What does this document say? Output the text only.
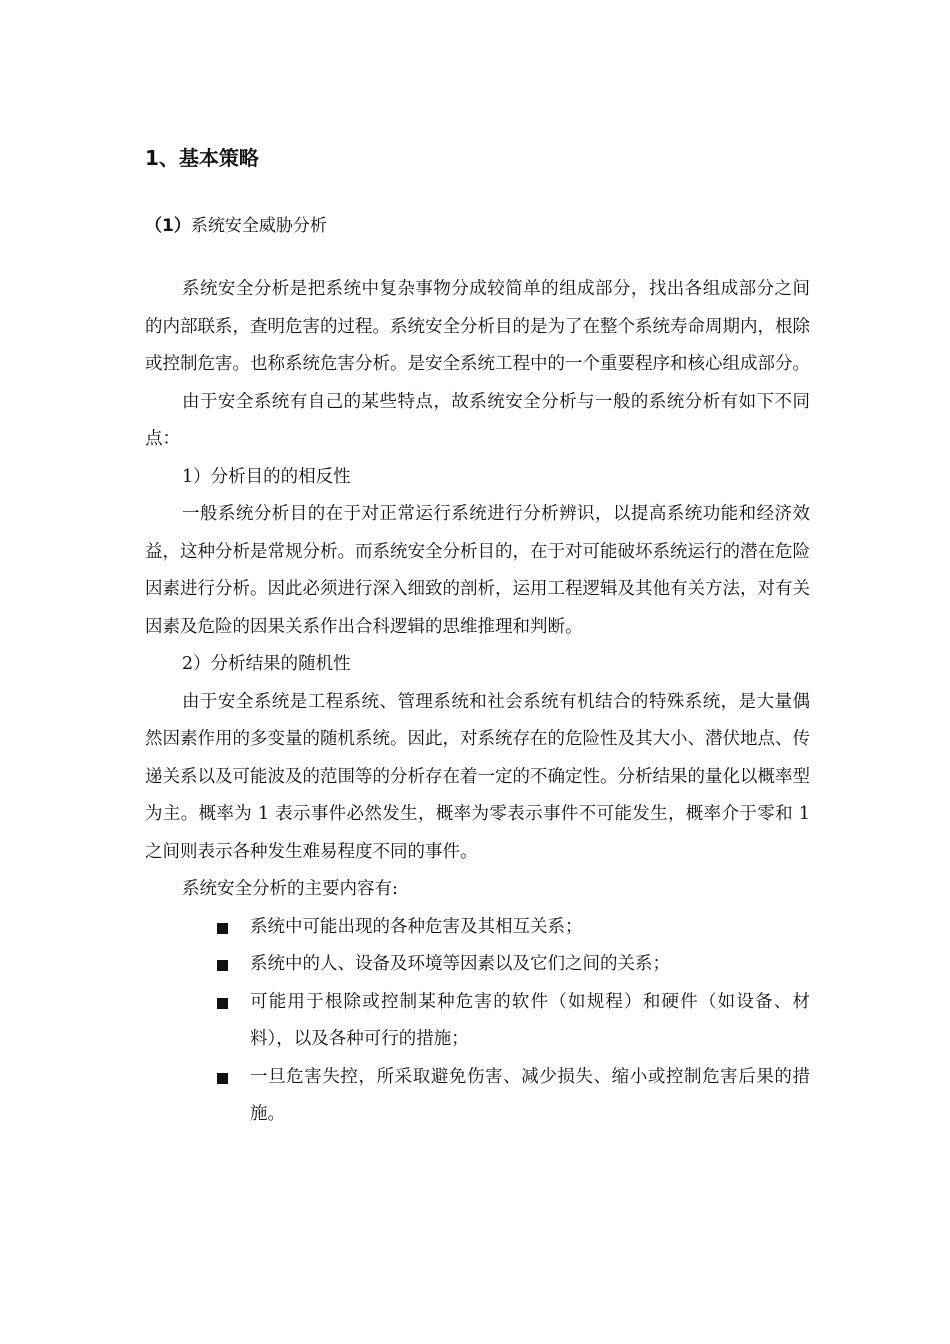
1、基本策略
（1）系统安全威胁分析

系统安全分析是把系统中复杂事物分成较简单的组成部分，找出各组成部分之间的内部联系，查明危害的过程。系统安全分析目的是为了在整个系统寿命周期内，根除或控制危害。也称系统危害分析。是安全系统工程中的一个重要程序和核心组成部分。

由于安全系统有自己的某些特点，故系统安全分析与一般的系统分析有如下不同点：

1）分析目的的相反性

一般系统分析目的在于对正常运行系统进行分析辨识，以提高系统功能和经济效益，这种分析是常规分析。而系统安全分析目的，在于对可能破坏系统运行的潜在危险因素进行分析。因此必须进行深入细致的剖析，运用工程逻辑及其他有关方法，对有关因素及危险的因果关系作出合科逻辑的思维推理和判断。

2）分析结果的随机性

由于安全系统是工程系统、管理系统和社会系统有机结合的特殊系统，是大量偶然因素作用的多变量的随机系统。因此，对系统存在的危险性及其大小、潜伏地点、传递关系以及可能波及的范围等的分析存在着一定的不确定性。分析结果的量化以概率型为主。概率为 1 表示事件必然发生，概率为零表示事件不可能发生，概率介于零和 1 之间则表示各种发生难易程度不同的事件。

系统安全分析的主要内容有:

系统中可能出现的各种危害及其相互关系；
系统中的人、设备及环境等因素以及它们之间的关系；
可能用于根除或控制某种危害的软件（如规程）和硬件（如设备、材料），以及各种可行的措施；
一旦危害失控，所采取避免伤害、减少损失、缩小或控制危害后果的措施。
